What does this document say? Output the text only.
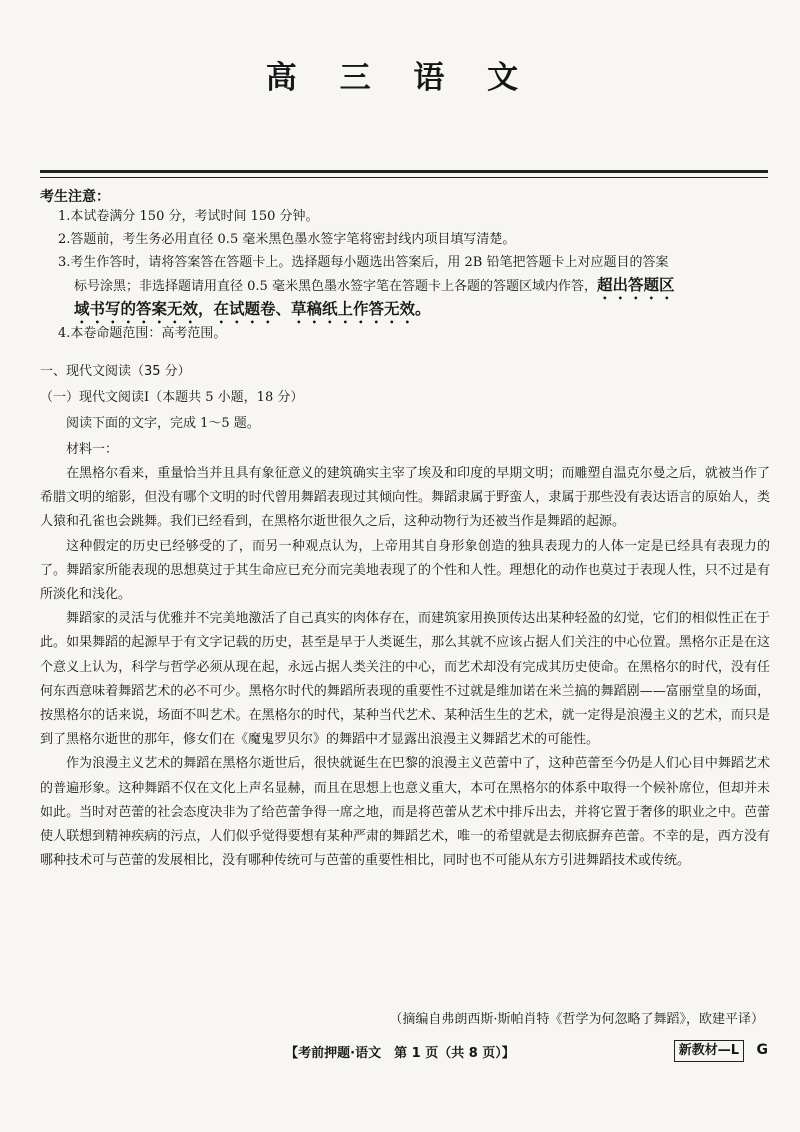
高 三 语 文
考生注意：
1.本试卷满分 150 分，考试时间 150 分钟。
2.答题前，考生务必用直径 0.5 毫米黑色墨水签字笔将密封线内项目填写清楚。
3.考生作答时，请将答案答在答题卡上。选择题每小题选出答案后，用 2B 铅笔把答题卡上对应题目的答案
标号涂黑；非选择题请用直径 0.5 毫米黑色墨水签字笔在答题卡上各题的答题区域内作答，超出答题区
域书写的答案无效，在试题卷、草稿纸上作答无效。
4.本卷命题范围：高考范围。
一、现代文阅读（35 分）
（一）现代文阅读Ⅰ（本题共 5 小题，18 分）
阅读下面的文字，完成 1～5 题。
材料一：

在黑格尔看来，重量恰当并且具有象征意义的建筑确实主宰了埃及和印度的早期文明；而雕塑自温克尔曼之后，就被当作了希腊文明的缩影，但没有哪个文明的时代曾用舞蹈表现过其倾向性。舞蹈隶属于野蛮人，隶属于那些没有表达语言的原始人，类人猿和孔雀也会跳舞。我们已经看到，在黑格尔逝世很久之后，这种动物行为还被当作是舞蹈的起源。

这种假定的历史已经够受的了，而另一种观点认为，上帝用其自身形象创造的独具表现力的人体一定是已经具有表现力的了。舞蹈家所能表现的思想莫过于其生命应已充分而完美地表现了的个性和人性。理想化的动作也莫过于表现人性，只不过是有所淡化和浅化。

舞蹈家的灵活与优雅并不完美地激活了自己真实的肉体存在，而建筑家用换顶传达出某种轻盈的幻觉，它们的相似性正在于此。如果舞蹈的起源早于有文字记载的历史，甚至是早于人类诞生，那么其就不应该占据人们关注的中心位置。黑格尔正是在这个意义上认为，科学与哲学必须从现在起，永远占据人类关注的中心，而艺术却没有完成其历史使命。在黑格尔的时代，没有任何东西意味着舞蹈艺术的必不可少。黑格尔时代的舞蹈所表现的重要性不过就是维加诺在米兰搞的舞蹈剧——富丽堂皇的场面，按黑格尔的话来说，场面不叫艺术。在黑格尔的时代，某种当代艺术、某种活生生的艺术，就一定得是浪漫主义的艺术，而只是到了黑格尔逝世的那年，修女们在《魔鬼罗贝尔》的舞蹈中才显露出浪漫主义舞蹈艺术的可能性。

作为浪漫主义艺术的舞蹈在黑格尔逝世后，很快就诞生在巴黎的浪漫主义芭蕾中了，这种芭蕾至今仍是人们心目中舞蹈艺术的普遍形象。这种舞蹈不仅在文化上声名显赫，而且在思想上也意义重大，本可在黑格尔的体系中取得一个候补席位，但却并未如此。当时对芭蕾的社会态度决非为了给芭蕾争得一席之地，而是将芭蕾从艺术中排斥出去，并将它置于奢侈的职业之中。芭蕾使人联想到精神疾病的污点，人们似乎觉得要想有某种严肃的舞蹈艺术，唯一的希望就是去彻底摒弃芭蕾。不幸的是，西方没有哪种技术可与芭蕾的发展相比，没有哪种传统可与芭蕾的重要性相比，同时也不可能从东方引进舞蹈技术或传统。

（摘编自弗朗西斯·斯帕肖特《哲学为何忽略了舞蹈》，欧建平译）
【考前押题·语文　第 1 页（共 8 页）】	新教材—L	G
